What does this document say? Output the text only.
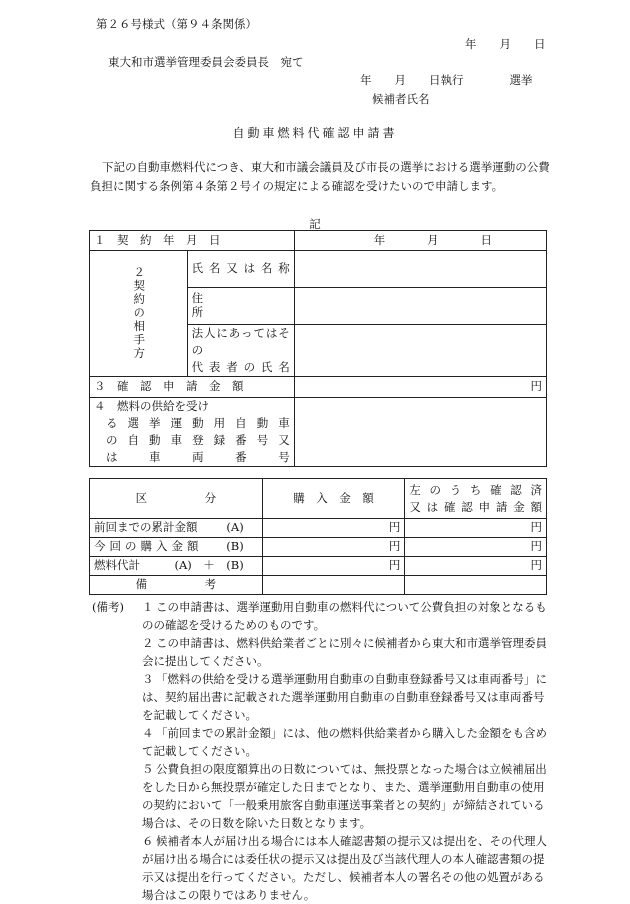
第２６号様式（第９４条関係）
年　　月　　日
東大和市選挙管理委員会委員長　宛て
年　　月　　日執行　　　　選挙
候補者氏名
自動車燃料代確認申請書
下記の自動車燃料代につき、東大和市議会議員及び市長の選挙における選挙運動の公費負担に関する条例第４条第２号イの規定による確認を受けたいので申請します。
記
１　契　約　年　月　日		年 月 日

２契約の相手方	氏名又は名称	
	住　　　　　　　所	

	法人にあってはその
代表者の氏名	

３　確　認　申　請　金　額		円

４　燃料の供給を受け
る選挙運動用自動車
の自動車登録番号又
は　車　両　番　号		

区　　　　　分	購　入　金　額	左のうち確認済
又は確認申請金額

前回までの累計金額 (A)	円	円
今回の購入金額 (B)	円	円
燃料代計 (A)　＋　(B)	円	円
備　　　　　考		
(備考)	１ この申請書は、選挙運動用自動車の燃料代について公費負担の対象となるものの確認を受けるためのものです。
２ この申請書は、燃料供給業者ごとに別々に候補者から東大和市選挙管理委員会に提出してください。
３ 「燃料の供給を受ける選挙運動用自動車の自動車登録番号又は車両番号」には、契約届出書に記載された選挙運動用自動車の自動車登録番号又は車両番号を記載してください。
４ 「前回までの累計金額」には、他の燃料供給業者から購入した金額をも含めて記載してください。
５ 公費負担の限度額算出の日数については、無投票となった場合は立候補届出をした日から無投票が確定した日までとなり、また、選挙運動用自動車の使用の契約において「一般乗用旅客自動車運送事業者との契約」が締結されている場合は、その日数を除いた日数となります。
６ 候補者本人が届け出る場合には本人確認書類の提示又は提出を、その代理人が届け出る場合には委任状の提示又は提出及び当該代理人の本人確認書類の提示又は提出を行ってください。ただし、候補者本人の署名その他の処置がある場合はこの限りではありません。
